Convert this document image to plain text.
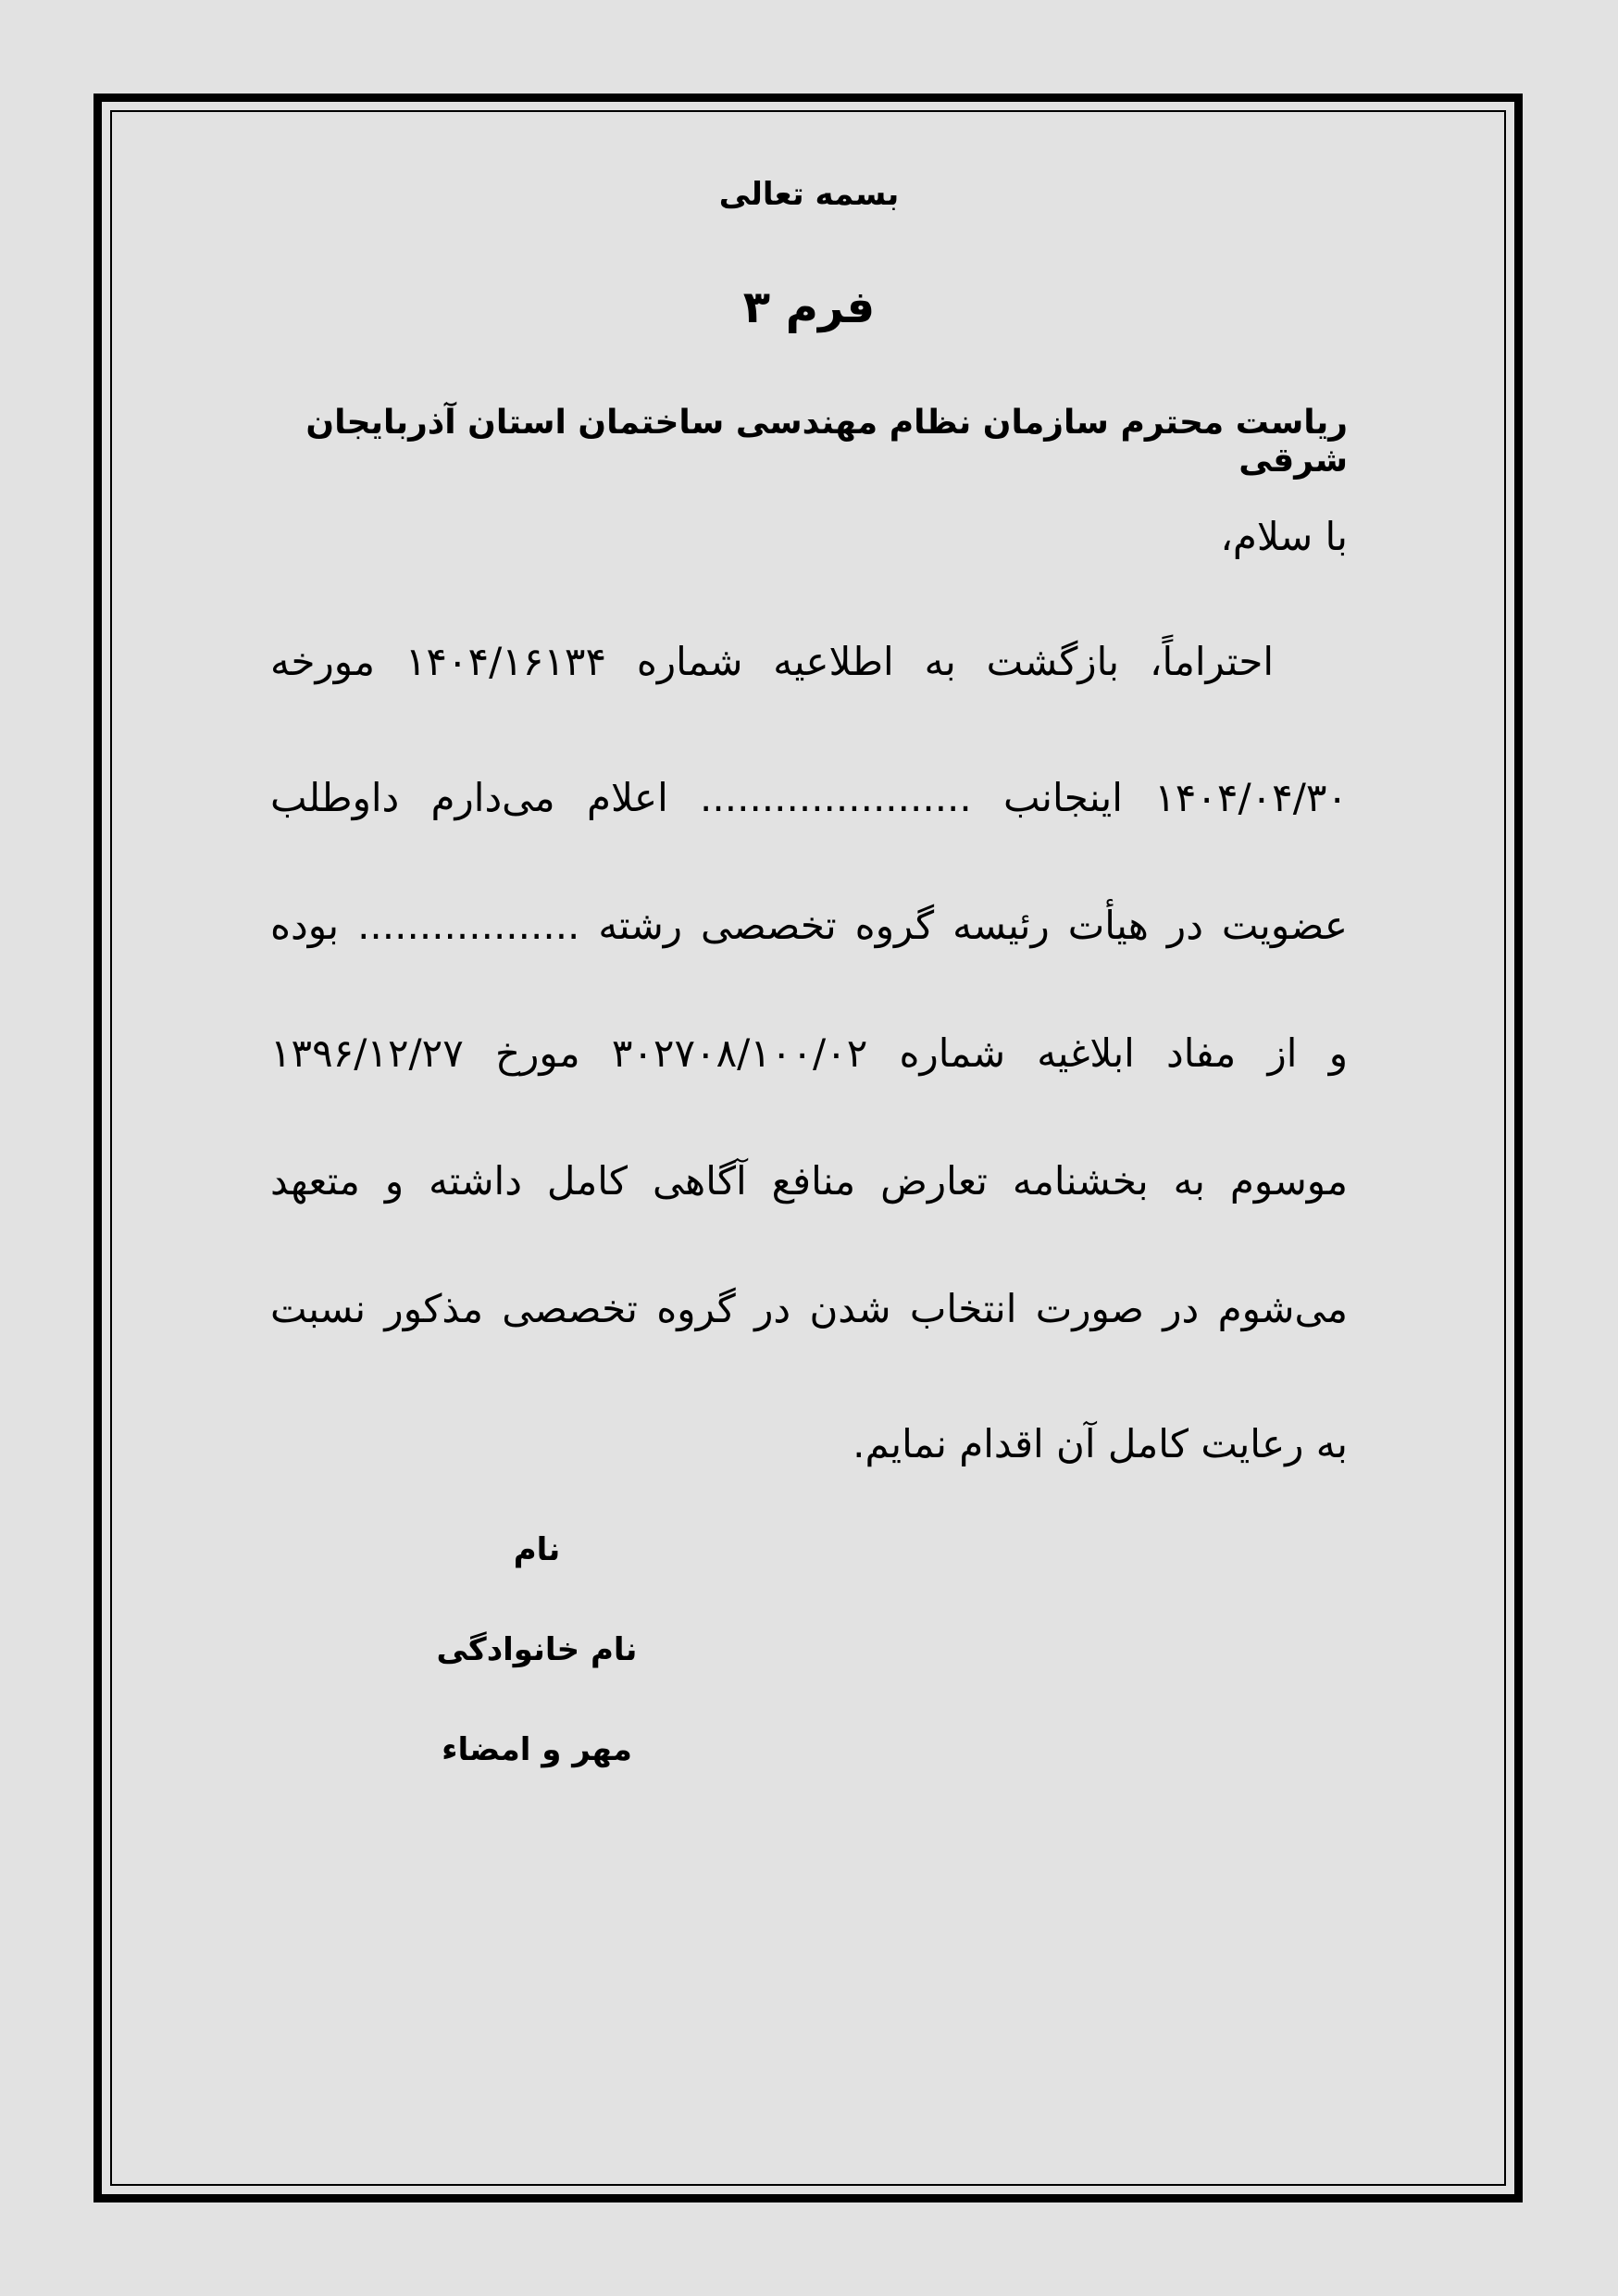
بسمه تعالی
فرم ۳
ریاست محترم سازمان نظام مهندسی ساختمان استان آذربایجان شرقی
با سلام،
احتراماً، بازگشت به اطلاعیه شماره ۱۴۰۴/۱۶۱۳۴ مورخه
۱۴۰۴/۰۴/۳۰ اینجانب ...................... اعلام می‌دارم داوطلب
عضویت در هیأت رئیسه گروه تخصصی رشته .................. بوده
و از مفاد ابلاغیه شماره ۳۰۲۷۰۸/۱۰۰/۰۲ مورخ ۱۳۹۶/۱۲/۲۷
موسوم به بخشنامه تعارض منافع آگاهی کامل داشته و متعهد
می‌شوم در صورت انتخاب شدن در گروه تخصصی مذکور نسبت
به رعایت کامل آن اقدام نمایم.
نام
نام خانوادگی
مهر و امضاء
